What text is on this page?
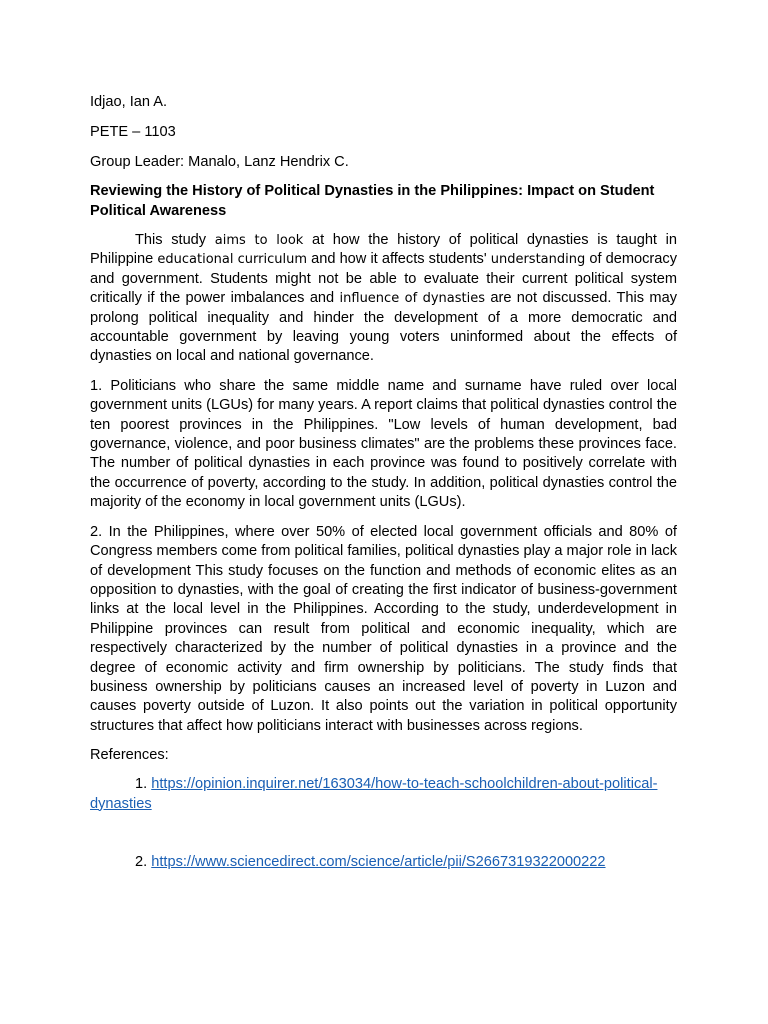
Idjao, Ian A.

PETE – 1103

Group Leader: Manalo, Lanz Hendrix C.

Reviewing the History of Political Dynasties in the Philippines: Impact on Student Political Awareness

This study aims to look at how the history of political dynasties is taught in Philippine educational curriculum and how it affects students' understanding of democracy and government. Students might not be able to evaluate their current political system critically if the power imbalances and influence of dynasties are not discussed. This may prolong political inequality and hinder the development of a more democratic and accountable government by leaving young voters uninformed about the effects of dynasties on local and national governance.

1. Politicians who share the same middle name and surname have ruled over local government units (LGUs) for many years. A report claims that political dynasties control the ten poorest provinces in the Philippines. "Low levels of human development, bad governance, violence, and poor business climates" are the problems these provinces face. The number of political dynasties in each province was found to positively correlate with the occurrence of poverty, according to the study. In addition, political dynasties control the majority of the economy in local government units (LGUs).

2. In the Philippines, where over 50% of elected local government officials and 80% of Congress members come from political families, political dynasties play a major role in lack of development This study focuses on the function and methods of economic elites as an opposition to dynasties, with the goal of creating the first indicator of business-government links at the local level in the Philippines. According to the study, underdevelopment in Philippine provinces can result from political and economic inequality, which are respectively characterized by the number of political dynasties in a province and the degree of economic activity and firm ownership by politicians. The study finds that business ownership by politicians causes an increased level of poverty in Luzon and causes poverty outside of Luzon. It also points out the variation in political opportunity structures that affect how politicians interact with businesses across regions.

References:

1. https://opinion.inquirer.net/163034/how-to-teach-schoolchildren-about-political-dynasties

2. https://www.sciencedirect.com/science/article/pii/S2667319322000222
